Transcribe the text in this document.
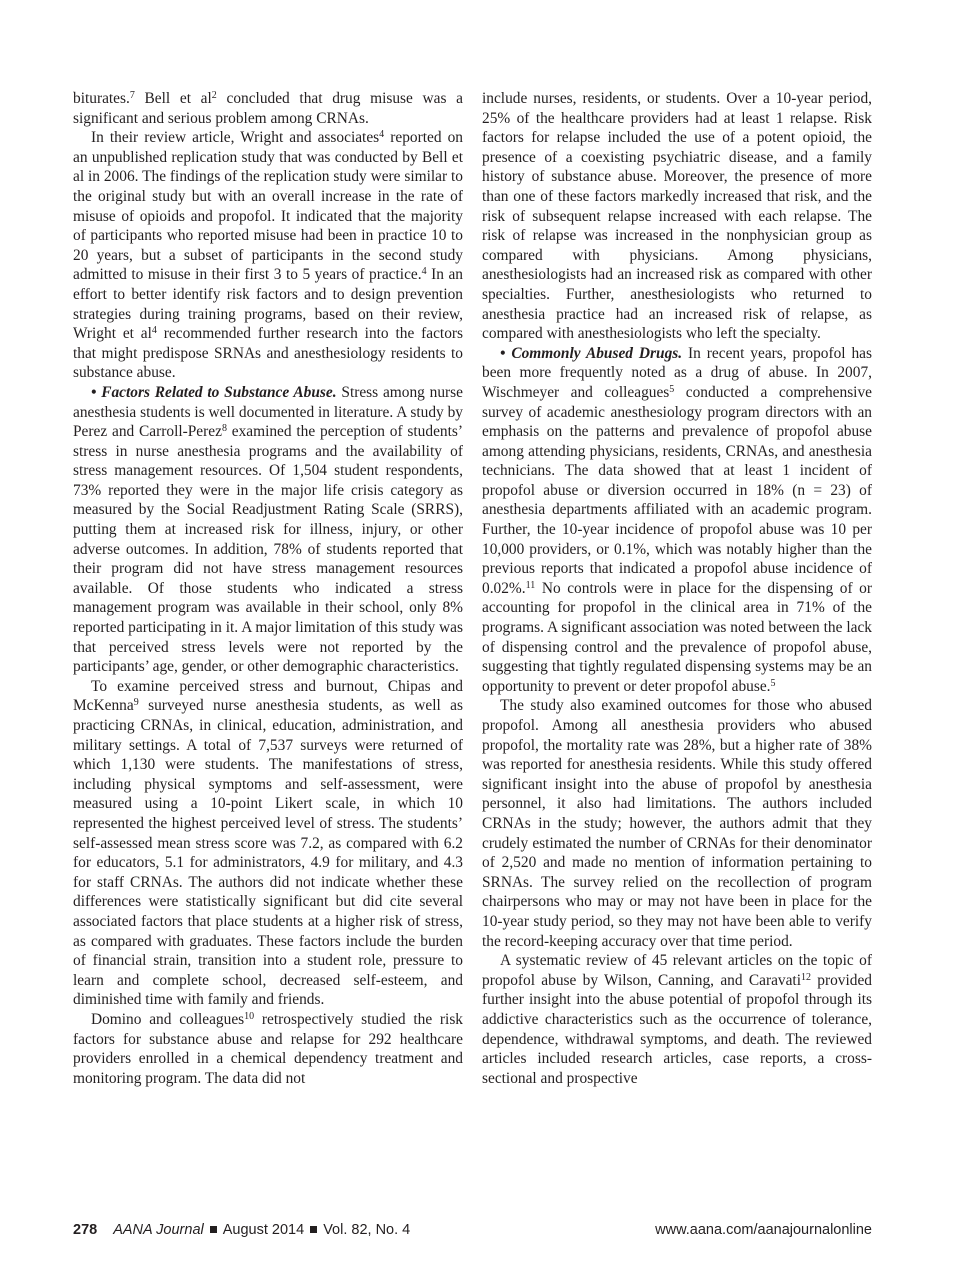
biturates.$^7$ Bell et $al^2$ concluded that drug misuse was a significant and serious problem among CRNAs.

In their review article, Wright and associates$^4$ reported on an unpublished replication study that was conducted by Bell et al in 2006. The findings of the replication study were similar to the original study but with an overall increase in the rate of misuse of opioids and propofol. It indicated that the majority of participants who reported misuse had been in practice 10 to 20 years, but a subset of participants in the second study admitted to misuse in their first 3 to 5 years of practice.$^4$ In an effort to better identify risk factors and to design prevention strategies during training programs, based on their review, Wright et $al^4$ recommended further research into the factors that might predispose SRNAs and anesthesiology residents to substance abuse.

• Factors Related to Substance Abuse. Stress among nurse anesthesia students is well documented in literature. A study by Perez and Carroll-Perez$^8$ examined the perception of students’ stress in nurse anesthesia programs and the availability of stress management resources. Of 1,504 student respondents, 73% reported they were in the major life crisis category as measured by the Social Readjustment Rating Scale (SRRS), putting them at increased risk for illness, injury, or other adverse outcomes. In addition, 78% of students reported that their program did not have stress management resources available. Of those students who indicated a stress management program was available in their school, only 8% reported participating in it. A major limitation of this study was that perceived stress levels were not reported by the participants’ age, gender, or other demographic characteristics.

To examine perceived stress and burnout, Chipas and McKenna$^9$ surveyed nurse anesthesia students, as well as practicing CRNAs, in clinical, education, administration, and military settings. A total of 7,537 surveys were returned of which 1,130 were students. The manifestations of stress, including physical symptoms and self-assessment, were measured using a 10-point Likert scale, in which 10 represented the highest perceived level of stress. The students’ self-assessed mean stress score was 7.2, as compared with 6.2 for educators, 5.1 for administrators, 4.9 for military, and 4.3 for staff CRNAs. The authors did not indicate whether these differences were statistically significant but did cite several associated factors that place students at a higher risk of stress, as compared with graduates. These factors include the burden of financial strain, transition into a student role, pressure to learn and complete school, decreased self-esteem, and diminished time with family and friends.

Domino and colleagues$^{10}$ retrospectively studied the risk factors for substance abuse and relapse for 292 healthcare providers enrolled in a chemical dependency treatment and monitoring program. The data did not

include nurses, residents, or students. Over a 10-year period, 25% of the healthcare providers had at least 1 relapse. Risk factors for relapse included the use of a potent opioid, the presence of a coexisting psychiatric disease, and a family history of substance abuse. Moreover, the presence of more than one of these factors markedly increased that risk, and the risk of subsequent relapse increased with each relapse. The risk of relapse was increased in the nonphysician group as compared with physicians. Among physicians, anesthesiologists had an increased risk as compared with other specialties. Further, anesthesiologists who returned to anesthesia practice had an increased risk of relapse, as compared with anesthesiologists who left the specialty.

• Commonly Abused Drugs. In recent years, propofol has been more frequently noted as a drug of abuse. In 2007, Wischmeyer and colleagues$^5$ conducted a comprehensive survey of academic anesthesiology program directors with an emphasis on the patterns and prevalence of propofol abuse among attending physicians, residents, CRNAs, and anesthesia technicians. The data showed that at least 1 incident of propofol abuse or diversion occurred in 18% (n = 23) of anesthesia departments affiliated with an academic program. Further, the 10-year incidence of propofol abuse was 10 per 10,000 providers, or 0.1%, which was notably higher than the previous reports that indicated a propofol abuse incidence of 0.02%.$^{11}$ No controls were in place for the dispensing of or accounting for propofol in the clinical area in 71% of the programs. A significant association was noted between the lack of dispensing control and the prevalence of propofol abuse, suggesting that tightly regulated dispensing systems may be an opportunity to prevent or deter propofol abuse.$^5$

The study also examined outcomes for those who abused propofol. Among all anesthesia providers who abused propofol, the mortality rate was 28%, but a higher rate of 38% was reported for anesthesia residents. While this study offered significant insight into the abuse of propofol by anesthesia personnel, it also had limitations. The authors included CRNAs in the study; however, the authors admit that they crudely estimated the number of CRNAs for their denominator of 2,520 and made no mention of information pertaining to SRNAs. The survey relied on the recollection of program chairpersons who may or may not have been in place for the 10-year study period, so they may not have been able to verify the record-keeping accuracy over that time period.

A systematic review of 45 relevant articles on the topic of propofol abuse by Wilson, Canning, and Caravati$^{12}$ provided further insight into the abuse potential of propofol through its addictive characteristics such as the occurrence of tolerance, dependence, withdrawal symptoms, and death. The reviewed articles included research articles, case reports, a cross-sectional and prospective

278 AANA Journal August 2014 Vol. 82, No. 4	www.aana.com/aanajournalonline
